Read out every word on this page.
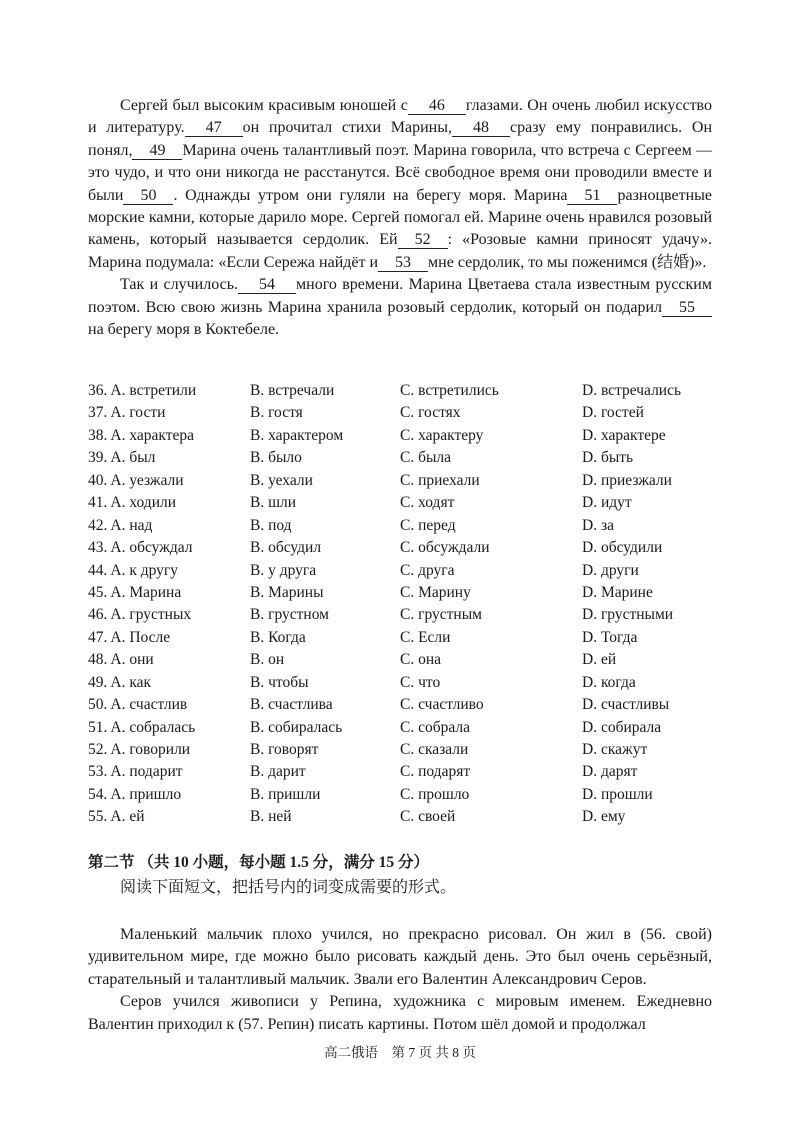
Сергей был высоким красивым юношей с 46 глазами. Он очень любил искусство и литературу. 47 он прочитал стихи Марины, 48 сразу ему понравились. Он понял, 49 Марина очень талантливый поэт. Марина говорила, что встреча с Сергеем — это чудо, и что они никогда не расстанутся. Всё свободное время они проводили вместе и были 50 . Однажды утром они гуляли на берегу моря. Марина 51 разноцветные морские камни, которые дарило море. Сергей помогал ей. Марине очень нравился розовый камень, который называется сердолик. Ей 52 : «Розовые камни приносят удачу». Марина подумала: «Если Сережа найдёт и 53 мне сердолик, то мы поженимся (结婚)».

Так и случилось. 54 много времени. Марина Цветаева стала известным русским поэтом. Всю свою жизнь Марина хранила розовый сердолик, который он подарил 55на берегу моря в Коктебеле.

36. A. встретили	B. встречали	C. встретились	D. встречались
37. A. гости	B. гостя	C. гостях	D. гостей
38. A. характера	B. характером	C. характеру	D. характере
39. A. был	B. было	C. была	D. быть
40. A. уезжали	B. уехали	C. приехали	D. приезжали
41. A. ходили	B. шли	C. ходят	D. идут
42. A. над	B. под	C. перед	D. за
43. A. обсуждал	B. обсудил	C. обсуждали	D. обсудили
44. A. к другу	B. у друга	C. друга	D. други
45. A. Марина	B. Марины	C. Марину	D. Марине
46. A. грустных	B. грустном	C. грустным	D. грустными
47. A. После	B. Когда	C. Если	D. Тогда
48. A. они	B. он	C. она	D. ей
49. A. как	B. чтобы	C. что	D. когда
50. A. счастлив	B. счастлива	C. счастливо	D. счастливы
51. A. собралась	B. собиралась	C. собрала	D. собирала
52. A. говорили	B. говорят	C. сказали	D. скажут
53. A. подарит	B. дарит	C. подарят	D. дарят
54. A. пришло	B. пришли	C. прошло	D. прошли
55. A. ей	B. ней	C. своей	D. ему
第二节 （共 10 小题，每小题 1.5 分，满分 15 分）
阅读下面短文，把括号内的词变成需要的形式。

Маленький мальчик плохо учился, но прекрасно рисовал. Он жил в (56. свой) удивительном мире, где можно было рисовать каждый день. Это был очень серьёзный, старательный и талантливый мальчик. Звали его Валентин Александрович Серов.

Серов учился живописи у Репина, художника с мировым именем. Ежедневно Валентин приходил к (57. Репин) писать картины. Потом шёл домой и продолжал

高二俄语　第 7 页 共 8 页
